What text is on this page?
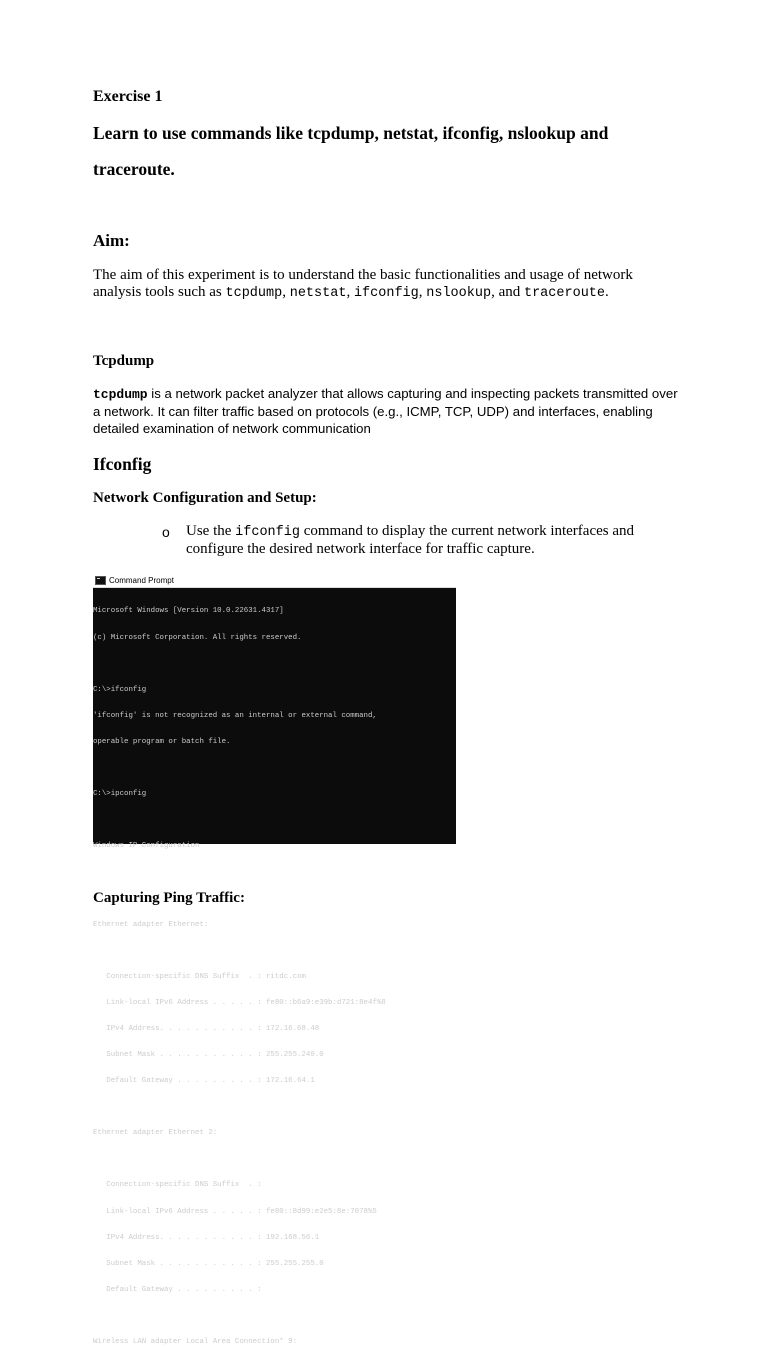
Exercise 1
Learn to use commands like tcpdump, netstat, ifconfig, nslookup and
traceroute.
Aim:
The aim of this experiment is to understand the basic functionalities and usage of network analysis tools such as tcpdump, netstat, ifconfig, nslookup, and traceroute.
Tcpdump
tcpdump is a network packet analyzer that allows capturing and inspecting packets transmitted over a network. It can filter traffic based on protocols (e.g., ICMP, TCP, UDP) and interfaces, enabling detailed examination of network communication
Ifconfig
Network Configuration and Setup:
o Use the ifconfig command to display the current network interfaces and configure the desired network interface for traffic capture.
Command Prompt

Microsoft Windows [Version 10.0.22631.4317]

(c) Microsoft Corporation. All rights reserved.

C:\>ifconfig

'ifconfig' is not recognized as an internal or external command,

operable program or batch file.

C:\>ipconfig

Windows IP Configuration

Ethernet adapter Ethernet:

Connection-specific DNS Suffix  . : ritdc.com

Link-local IPv6 Address . . . . . : fe80::b6a9:e39b:d721:8e4f%8

IPv4 Address. . . . . . . . . . . : 172.16.68.48

Subnet Mask . . . . . . . . . . . : 255.255.240.0

Default Gateway . . . . . . . . . : 172.16.64.1

Ethernet adapter Ethernet 2:

Connection-specific DNS Suffix  . :

Link-local IPv6 Address . . . . . : fe80::8d99:e2e5:8e:7078%5

IPv4 Address. . . . . . . . . . . : 192.168.56.1

Subnet Mask . . . . . . . . . . . : 255.255.255.0

Default Gateway . . . . . . . . . :

Wireless LAN adapter Local Area Connection* 9:

Capturing Ping Traffic:
